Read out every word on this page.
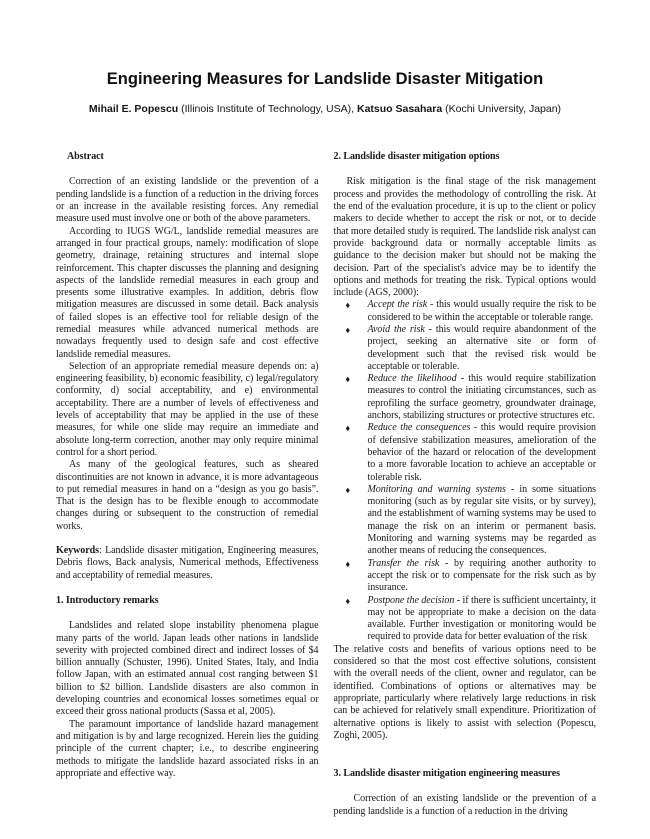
Engineering Measures for Landslide Disaster Mitigation
Mihail E. Popescu (Illinois Institute of Technology, USA), Katsuo Sasahara (Kochi University, Japan)
Abstract

Correction of an existing landslide or the prevention of a pending landslide is a function of a reduction in the driving forces or an increase in the available resisting forces. Any remedial measure used must involve one or both of the above parameters.

According to IUGS WG/L, landslide remedial measures are arranged in four practical groups, namely: modification of slope geometry, drainage, retaining structures and internal slope reinforcement. This chapter discusses the planning and designing aspects of the landslide remedial measures in each group and presents some illustrative examples. In addition, debris flow mitigation measures are discussed in some detail. Back analysis of failed slopes is an effective tool for reliable design of the remedial measures while advanced numerical methods are nowadays frequently used to design safe and cost effective landslide remedial measures.

Selection of an appropriate remedial measure depends on: a) engineering feasibility, b) economic feasibility, c) legal/regulatory conformity, d) social acceptability, and e) environmental acceptability. There are a number of levels of effectiveness and levels of acceptability that may be applied in the use of these measures, for while one slide may require an immediate and absolute long-term correction, another may only require minimal control for a short period.

As many of the geological features, such as sheared discontinuities are not known in advance, it is more advantageous to put remedial measures in hand on a “design as you go basis”. That is the design has to be flexible enough to accommodate changes during or subsequent to the construction of remedial works.

Keywords: Landslide disaster mitigation, Engineering measures, Debris flows, Back analysis, Numerical methods, Effectiveness and acceptability of remedial measures.

1. Introductory remarks

Landslides and related slope instability phenomena plague many parts of the world. Japan leads other nations in landslide severity with projected combined direct and indirect losses of $4 billion annually (Schuster, 1996). United States, Italy, and India follow Japan, with an estimated annual cost ranging between $1 billion to $2 billion. Landslide disasters are also common in developing countries and economical losses sometimes equal or exceed their gross national products (Sassa et al, 2005).

The paramount importance of landslide hazard management and mitigation is by and large recognized. Herein lies the guiding principle of the current chapter; i.e., to describe engineering methods to mitigate the landslide hazard associated risks in an appropriate and effective way.

2. Landslide disaster mitigation options

Risk mitigation is the final stage of the risk management process and provides the methodology of controlling the risk. At the end of the evaluation procedure, it is up to the client or policy makers to decide whether to accept the risk or not, or to decide that more detailed study is required. The landslide risk analyst can provide background data or normally acceptable limits as guidance to the decision maker but should not be making the decision. Part of the specialist's advice may be to identify the options and methods for treating the risk. Typical options would include (AGS, 2000):

♦	Accept the risk - this would usually require the risk to be considered to be within the acceptable or tolerable range.
♦	Avoid the risk - this would require abandonment of the project, seeking an alternative site or form of development such that the revised risk would be acceptable or tolerable.
♦	Reduce the likelihood - this would require stabilization measures to control the initiating circumstances, such as reprofiling the surface geometry, groundwater drainage, anchors, stabilizing structures or protective structures etc.
♦	Reduce the consequences - this would require provision of defensive stabilization measures, amelioration of the behavior of the hazard or relocation of the development to a more favorable location to achieve an acceptable or tolerable risk.
♦	Monitoring and warning systems - in some situations monitoring (such as by regular site visits, or by survey), and the establishment of warning systems may be used to manage the risk on an interim or permanent basis. Monitoring and warning systems may be regarded as another means of reducing the consequences.
♦	Transfer the risk - by requiring another authority to accept the risk or to compensate for the risk such as by insurance.
♦	Postpone the decision - if there is sufficient uncertainty, it may not be appropriate to make a decision on the data available. Further investigation or monitoring would be required to provide data for better evaluation of the risk

The relative costs and benefits of various options need to be considered so that the most cost effective solutions, consistent with the overall needs of the client, owner and regulator, can be identified. Combinations of options or alternatives may be appropriate, particularly where relatively large reductions in risk can be achieved for relatively small expenditure. Prioritization of alternative options is likely to assist with selection (Popescu, Zoghi, 2005).

3. Landslide disaster mitigation engineering measures

Correction of an existing landslide or the prevention of a pending landslide is a function of a reduction in the driving
